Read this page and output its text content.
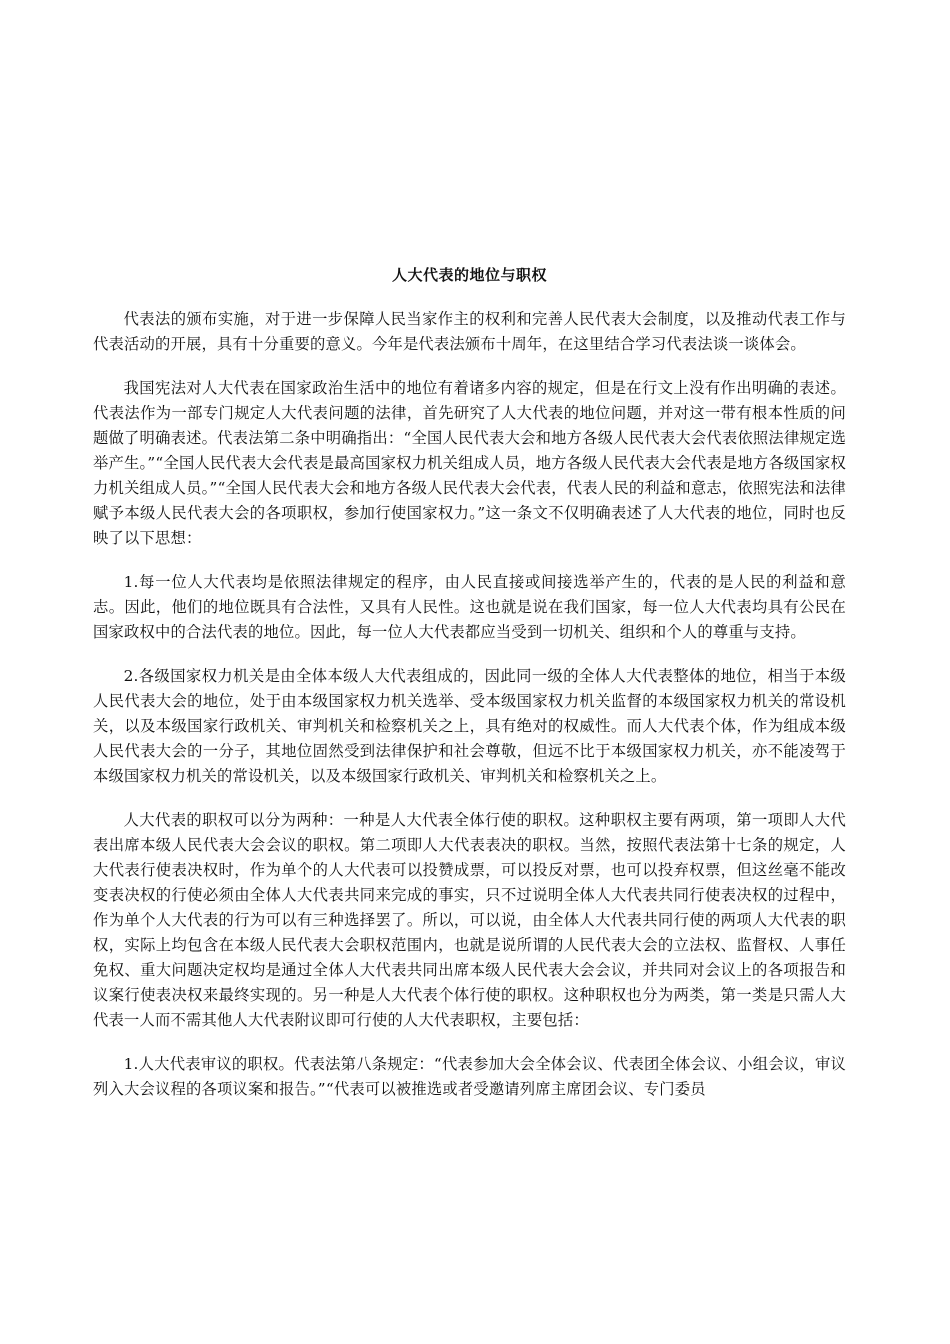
人大代表的地位与职权

代表法的颁布实施，对于进一步保障人民当家作主的权利和完善人民代表大会制度，以及推动代表工作与代表活动的开展，具有十分重要的意义。今年是代表法颁布十周年，在这里结合学习代表法谈一谈体会。

我国宪法对人大代表在国家政治生活中的地位有着诸多内容的规定，但是在行文上没有作出明确的表述。代表法作为一部专门规定人大代表问题的法律，首先研究了人大代表的地位问题，并对这一带有根本性质的问题做了明确表述。代表法第二条中明确指出：“全国人民代表大会和地方各级人民代表大会代表依照法律规定选举产生。”“全国人民代表大会代表是最高国家权力机关组成人员，地方各级人民代表大会代表是地方各级国家权力机关组成人员。”“全国人民代表大会和地方各级人民代表大会代表，代表人民的利益和意志，依照宪法和法律赋予本级人民代表大会的各项职权，参加行使国家权力。”这一条文不仅明确表述了人大代表的地位，同时也反映了以下思想：

1.每一位人大代表均是依照法律规定的程序，由人民直接或间接选举产生的，代表的是人民的利益和意志。因此，他们的地位既具有合法性，又具有人民性。这也就是说在我们国家，每一位人大代表均具有公民在国家政权中的合法代表的地位。因此，每一位人大代表都应当受到一切机关、组织和个人的尊重与支持。

2.各级国家权力机关是由全体本级人大代表组成的，因此同一级的全体人大代表整体的地位，相当于本级人民代表大会的地位，处于由本级国家权力机关选举、受本级国家权力机关监督的本级国家权力机关的常设机关，以及本级国家行政机关、审判机关和检察机关之上，具有绝对的权威性。而人大代表个体，作为组成本级人民代表大会的一分子，其地位固然受到法律保护和社会尊敬，但远不比于本级国家权力机关，亦不能凌驾于本级国家权力机关的常设机关，以及本级国家行政机关、审判机关和检察机关之上。

人大代表的职权可以分为两种：一种是人大代表全体行使的职权。这种职权主要有两项，第一项即人大代表出席本级人民代表大会会议的职权。第二项即人大代表表决的职权。当然，按照代表法第十七条的规定，人大代表行使表决权时，作为单个的人大代表可以投赞成票，可以投反对票，也可以投弃权票，但这丝毫不能改变表决权的行使必须由全体人大代表共同来完成的事实，只不过说明全体人大代表共同行使表决权的过程中，作为单个人大代表的行为可以有三种选择罢了。所以，可以说，由全体人大代表共同行使的两项人大代表的职权，实际上均包含在本级人民代表大会职权范围内，也就是说所谓的人民代表大会的立法权、监督权、人事任免权、重大问题决定权均是通过全体人大代表共同出席本级人民代表大会会议，并共同对会议上的各项报告和议案行使表决权来最终实现的。另一种是人大代表个体行使的职权。这种职权也分为两类，第一类是只需人大代表一人而不需其他人大代表附议即可行使的人大代表职权，主要包括：

1.人大代表审议的职权。代表法第八条规定：“代表参加大会全体会议、代表团全体会议、小组会议，审议列入大会议程的各项议案和报告。”“代表可以被推选或者受邀请列席主席团会议、专门委员
